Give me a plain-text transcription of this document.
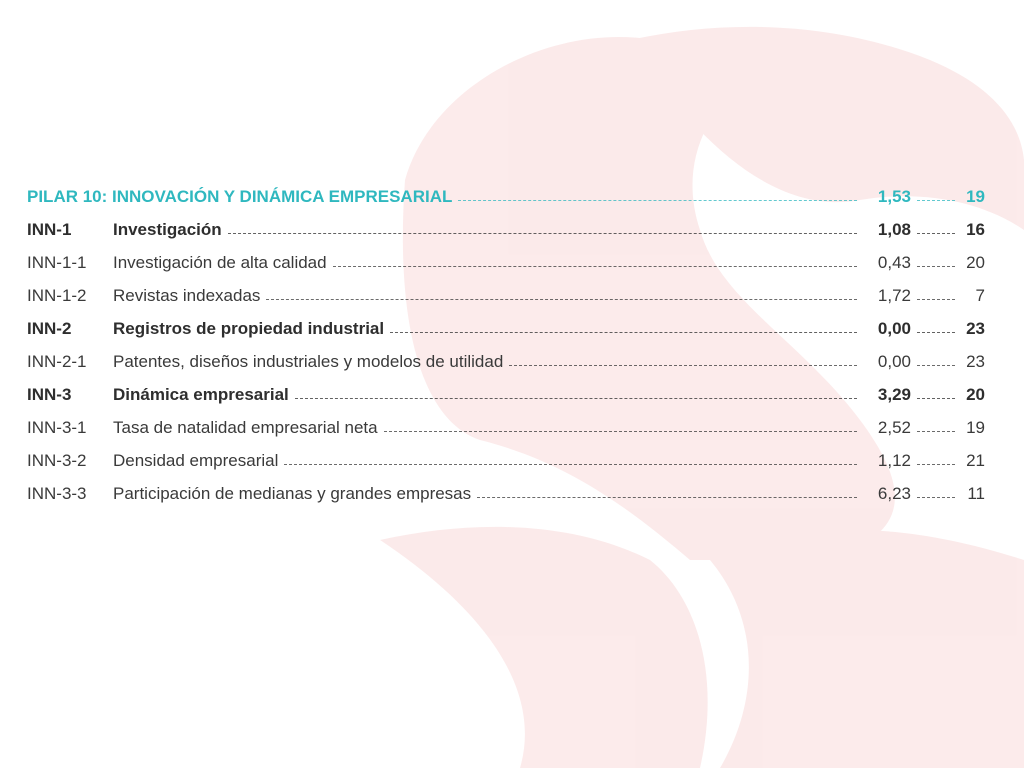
PILAR 10: INNOVACIÓN Y DINÁMICA EMPRESARIAL	1,53	19
INN-1	Investigación	1,08	16
INN-1-1	Investigación de alta calidad	0,43	20
INN-1-2	Revistas indexadas	1,72	7
INN-2	Registros de propiedad industrial	0,00	23
INN-2-1	Patentes, diseños industriales y modelos de utilidad	0,00	23
INN-3	Dinámica empresarial	3,29	20
INN-3-1	Tasa de natalidad empresarial neta	2,52	19
INN-3-2	Densidad empresarial	1,12	21
INN-3-3	Participación de medianas y grandes empresas	6,23	11
